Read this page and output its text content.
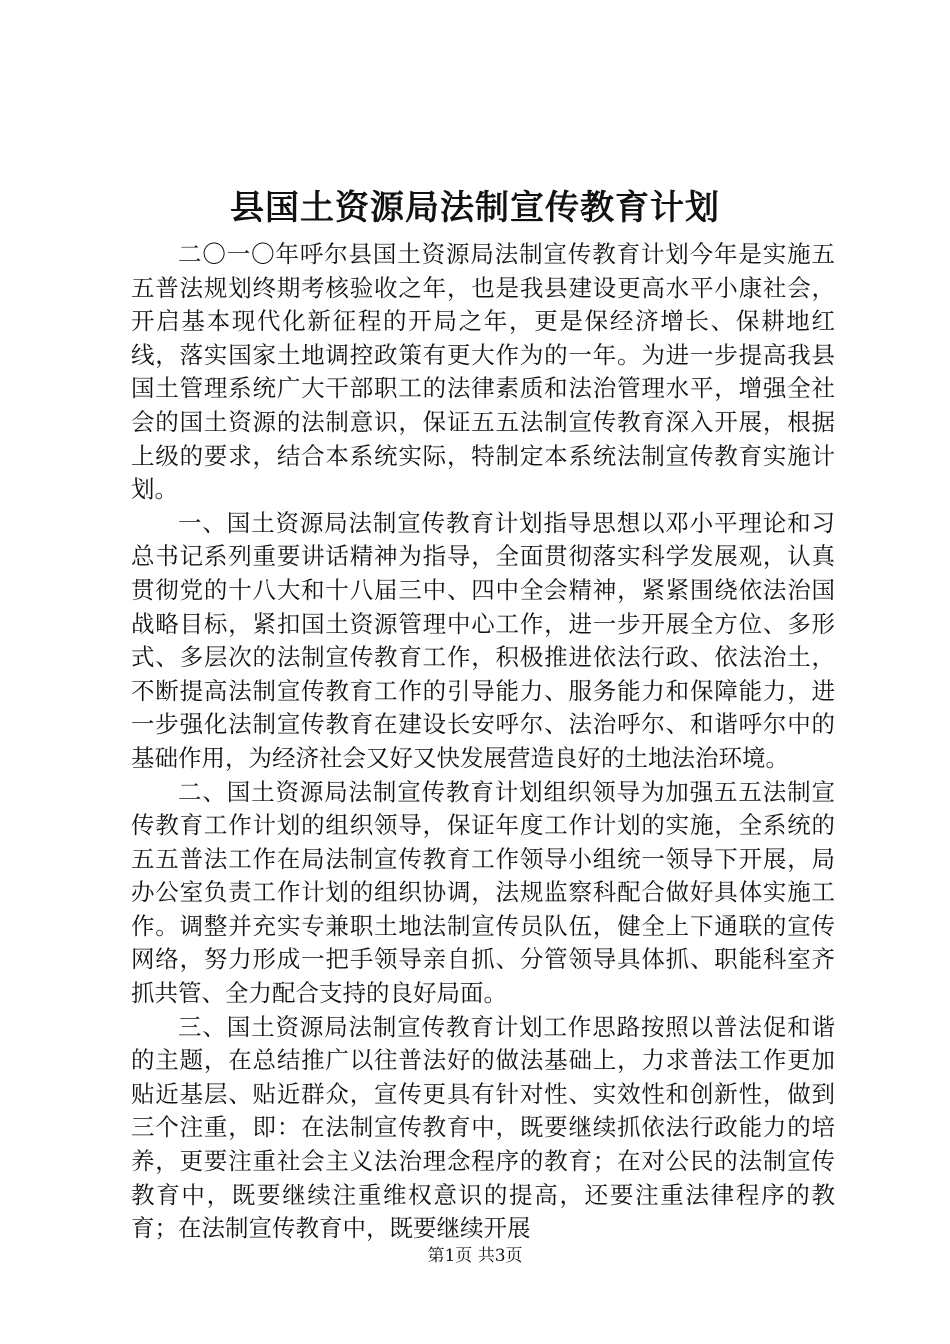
县国土资源局法制宣传教育计划

二〇一〇年呼尔县国土资源局法制宣传教育计划今年是实施五五普法规划终期考核验收之年，也是我县建设更高水平小康社会，开启基本现代化新征程的开局之年，更是保经济增长、保耕地红线，落实国家土地调控政策有更大作为的一年。为进一步提高我县国土管理系统广大干部职工的法律素质和法治管理水平，增强全社会的国土资源的法制意识，保证五五法制宣传教育深入开展，根据上级的要求，结合本系统实际，特制定本系统法制宣传教育实施计划。

一、国土资源局法制宣传教育计划指导思想以邓小平理论和习总书记系列重要讲话精神为指导，全面贯彻落实科学发展观，认真贯彻党的十八大和十八届三中、四中全会精神，紧紧围绕依法治国战略目标，紧扣国土资源管理中心工作，进一步开展全方位、多形式、多层次的法制宣传教育工作，积极推进依法行政、依法治土，不断提高法制宣传教育工作的引导能力、服务能力和保障能力，进一步强化法制宣传教育在建设长安呼尔、法治呼尔、和谐呼尔中的基础作用，为经济社会又好又快发展营造良好的土地法治环境。

二、国土资源局法制宣传教育计划组织领导为加强五五法制宣传教育工作计划的组织领导，保证年度工作计划的实施，全系统的五五普法工作在局法制宣传教育工作领导小组统一领导下开展，局办公室负责工作计划的组织协调，法规监察科配合做好具体实施工作。调整并充实专兼职土地法制宣传员队伍，健全上下通联的宣传网络，努力形成一把手领导亲自抓、分管领导具体抓、职能科室齐抓共管、全力配合支持的良好局面。

三、国土资源局法制宣传教育计划工作思路按照以普法促和谐的主题，在总结推广以往普法好的做法基础上，力求普法工作更加贴近基层、贴近群众，宣传更具有针对性、实效性和创新性，做到三个注重，即：在法制宣传教育中，既要继续抓依法行政能力的培养，更要注重社会主义法治理念程序的教育；在对公民的法制宣传教育中，既要继续注重维权意识的提高，还要注重法律程序的教育；在法制宣传教育中，既要继续开展

第1页 共3页
